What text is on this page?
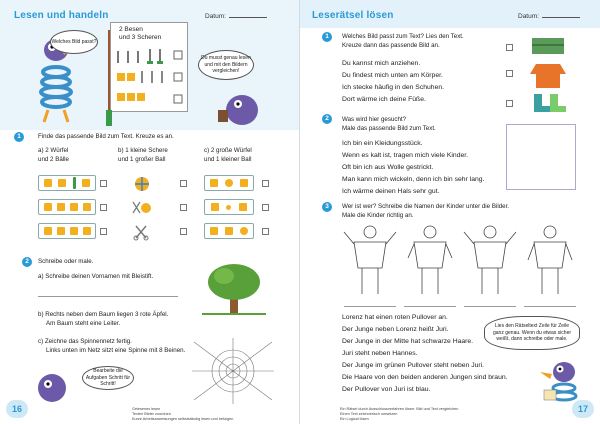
Lesen und handeln	Datum:
Welches Bild passt?
2 Besen
und 3 Scheren
Du musst genau lesen und mit den Bildern vergleichen!
1	Finde das passende Bild zum Text. Kreuze es an.
a) 2 Würfel
und 2 Bälle
b) 1 kleine Schere
und 1 großer Ball
c) 2 große Würfel
und 1 kleiner Ball
2	Schreibe oder male.
a) Schreibe deinen Vornamen mit Bleistift.
b) Rechts neben dem Baum liegen 3 rote Äpfel.
Am Baum steht eine Leiter.
c) Zeichne das Spinnennetz fertig.
Links unten im Netz sitzt eine Spinne mit 8 Beinen.
Bearbeite die Aufgaben Schritt für Schritt!
16	Gelesenes lesen
Texten Bilder zuordnen
Kurze Arbeitsanweisungen selbstständig lesen und befolgen
Leserätsel lösen	Datum:
1	Welches Bild passt zum Text? Lies den Text.
Kreuze dann das passende Bild an.
Du kannst mich anziehen.
Du findest mich unten am Körper.
Ich stecke häufig in den Schuhen.
Dort wärme ich deine Füße.
2	Was wird hier gesucht?
Male das passende Bild zum Text.
Ich bin ein Kleidungsstück.
Wenn es kalt ist, tragen mich viele Kinder.
Oft bin ich aus Wolle gestrickt.
Man kann mich wickeln, denn ich bin sehr lang.
Ich wärme deinen Hals sehr gut.
3	Wer ist wer? Schreibe die Namen der Kinder unter die Bilder.
Male die Kinder richtig an.
Lorenz hat einen roten Pullover an.
Der Junge neben Lorenz heißt Juri.
Der Junge in der Mitte hat schwarze Haare.
Juri steht neben Hannes.
Der Junge im grünen Pullover steht neben Juri.
Die Haare von den beiden anderen Jungen sind braun.
Der Pullover von Juri ist blau.
Lies den Rätseltext Zeile für Zeile ganz genau. Wenn du etwas sicher weißt, dann schreibe oder male.
Ein Rätsel durch Ausschlussverfahren lösen: Bild und Text vergleichen
Einen Text zeichnerisch umsetzen
Ein Logical lösen
17
